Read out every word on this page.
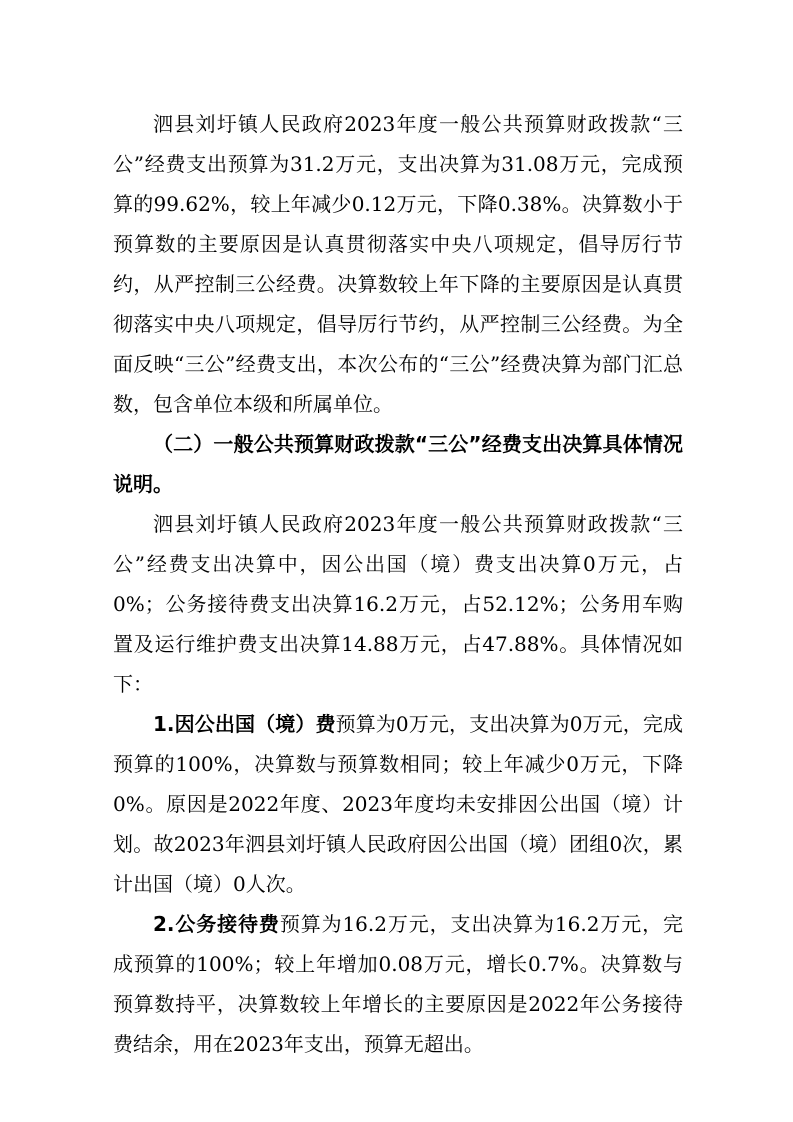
泗县刘圩镇人民政府2023年度一般公共预算财政拨款“三公”经费支出预算为31.2万元，支出决算为31.08万元，完成预算的99.62%，较上年减少0.12万元，下降0.38%。决算数小于预算数的主要原因是认真贯彻落实中央八项规定，倡导厉行节约，从严控制三公经费。决算数较上年下降的主要原因是认真贯彻落实中央八项规定，倡导厉行节约，从严控制三公经费。为全面反映“三公”经费支出，本次公布的“三公”经费决算为部门汇总数，包含单位本级和所属单位。

（二）一般公共预算财政拨款“三公”经费支出决算具体情况说明。

泗县刘圩镇人民政府2023年度一般公共预算财政拨款“三公”经费支出决算中，因公出国（境）费支出决算0万元，占0%；公务接待费支出决算16.2万元，占52.12%；公务用车购置及运行维护费支出决算14.88万元，占47.88%。具体情况如下：

1.因公出国（境）费预算为0万元，支出决算为0万元，完成预算的100%，决算数与预算数相同；较上年减少0万元，下降0%。原因是2022年度、2023年度均未安排因公出国（境）计划。故2023年泗县刘圩镇人民政府因公出国（境）团组0次，累计出国（境）0人次。

2.公务接待费预算为16.2万元，支出决算为16.2万元，完成预算的100%；较上年增加0.08万元，增长0.7%。决算数与预算数持平，决算数较上年增长的主要原因是2022年公务接待费结余，用在2023年支出，预算无超出。
